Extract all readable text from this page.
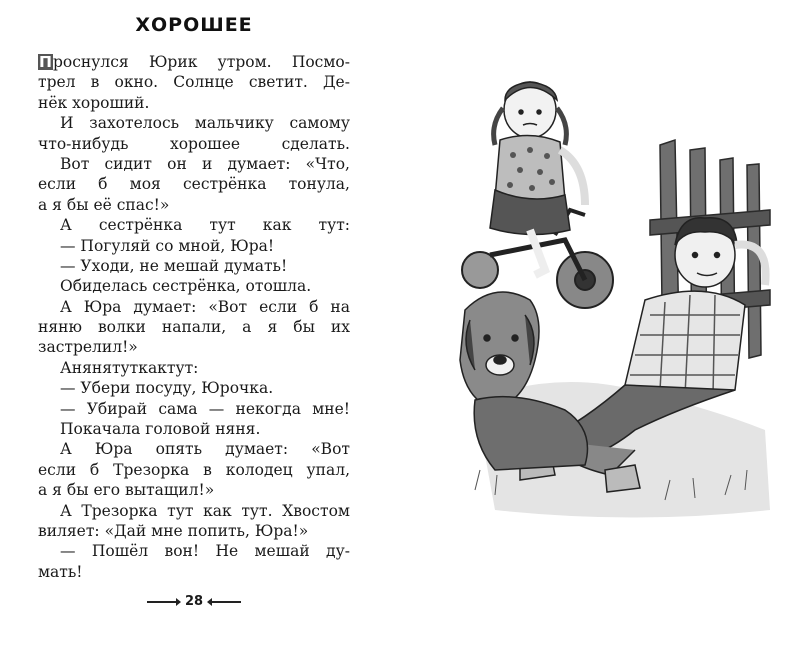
ХОРОШЕЕ
Проснулся Юрик утром. Посмо-
трел в окно. Солнце светит. Де-
нёк хороший.
И захотелось мальчику самому
что-нибудь	хорошее	сделать.
Вот сидит он и думает: «Что,
если б моя сестрёнка тонула,
а я бы её спас!»
А сестрёнка тут как тут:
— Погуляй со мной, Юра!
— Уходи, не мешай думать!
Обиделась сестрёнка, отошла.
А Юра думает: «Вот если б на
няню волки напали, а я бы их
застрелил!»
А няня тут как тут:
— Убери посуду, Юрочка.
— Убирай сама — некогда мне!
Покачала головой няня.
А Юра опять думает: «Вот
если б Трезорка в колодец упал,
а я бы его вытащил!»
А Трезорка тут как тут. Хвостом
виляет: «Дай мне попить, Юра!»
— Пошёл вон! Не мешай ду-
мать!
28
